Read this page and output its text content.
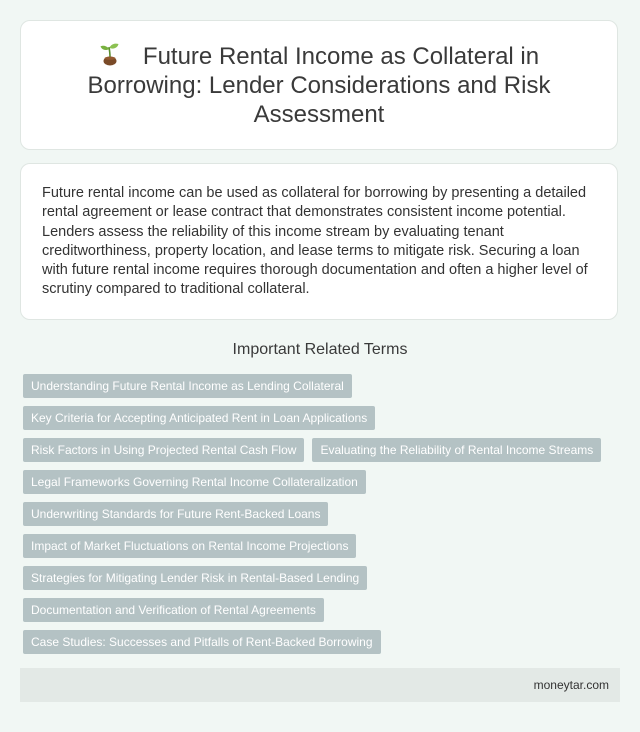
Future Rental Income as Collateral in Borrowing: Lender Considerations and Risk Assessment

Future rental income can be used as collateral for borrowing by presenting a detailed rental agreement or lease contract that demonstrates consistent income potential. Lenders assess the reliability of this income stream by evaluating tenant creditworthiness, property location, and lease terms to mitigate risk. Securing a loan with future rental income requires thorough documentation and often a higher level of scrutiny compared to traditional collateral.

Important Related Terms
Understanding Future Rental Income as Lending Collateral
Key Criteria for Accepting Anticipated Rent in Loan Applications
Risk Factors in Using Projected Rental Cash Flow	Evaluating the Reliability of Rental Income Streams
Legal Frameworks Governing Rental Income Collateralization
Underwriting Standards for Future Rent-Backed Loans
Impact of Market Fluctuations on Rental Income Projections
Strategies for Mitigating Lender Risk in Rental-Based Lending
Documentation and Verification of Rental Agreements
Case Studies: Successes and Pitfalls of Rent-Backed Borrowing
moneytar.com
